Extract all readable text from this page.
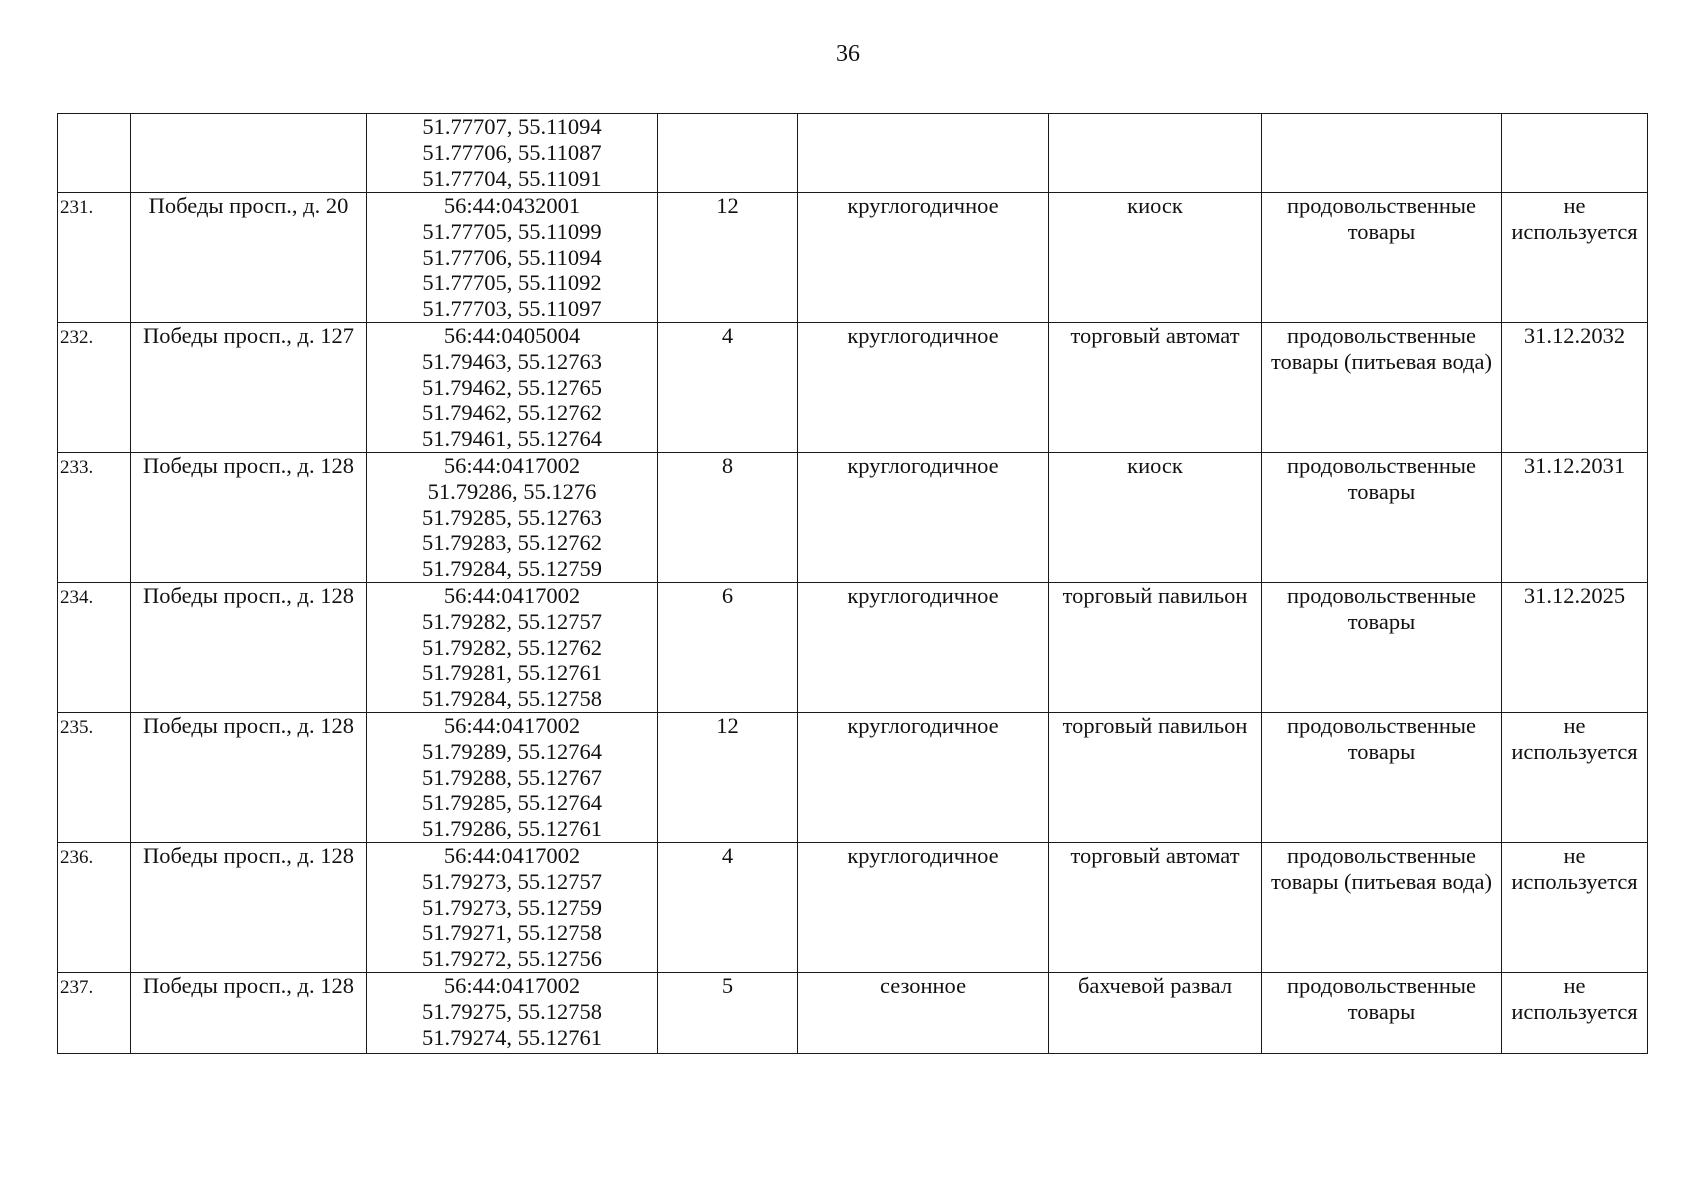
36

		51.77707, 55.11094
51.77706, 55.11087
51.77704, 55.11091					

231.	Победы просп., д. 20	56:44:0432001
51.77705, 55.11099
51.77706, 55.11094
51.77705, 55.11092
51.77703, 55.11097	12	круглогодичное	киоск	продовольственные товары	не используется
232.	Победы просп., д. 127	56:44:0405004
51.79463, 55.12763
51.79462, 55.12765
51.79462, 55.12762
51.79461, 55.12764	4	круглогодичное	торговый автомат	продовольственные товары (питьевая вода)	31.12.2032
233.	Победы просп., д. 128	56:44:0417002
51.79286, 55.1276
51.79285, 55.12763
51.79283, 55.12762
51.79284, 55.12759	8	круглогодичное	киоск	продовольственные товары	31.12.2031
234.	Победы просп., д. 128	56:44:0417002
51.79282, 55.12757
51.79282, 55.12762
51.79281, 55.12761
51.79284, 55.12758	6	круглогодичное	торговый павильон	продовольственные товары	31.12.2025
235.	Победы просп., д. 128	56:44:0417002
51.79289, 55.12764
51.79288, 55.12767
51.79285, 55.12764
51.79286, 55.12761	12	круглогодичное	торговый павильон	продовольственные товары	не используется
236.	Победы просп., д. 128	56:44:0417002
51.79273, 55.12757
51.79273, 55.12759
51.79271, 55.12758
51.79272, 55.12756	4	круглогодичное	торговый автомат	продовольственные товары (питьевая вода)	не используется
237.	Победы просп., д. 128	56:44:0417002
51.79275, 55.12758
51.79274, 55.12761	5	сезонное	бахчевой развал	продовольственные товары	не используется
